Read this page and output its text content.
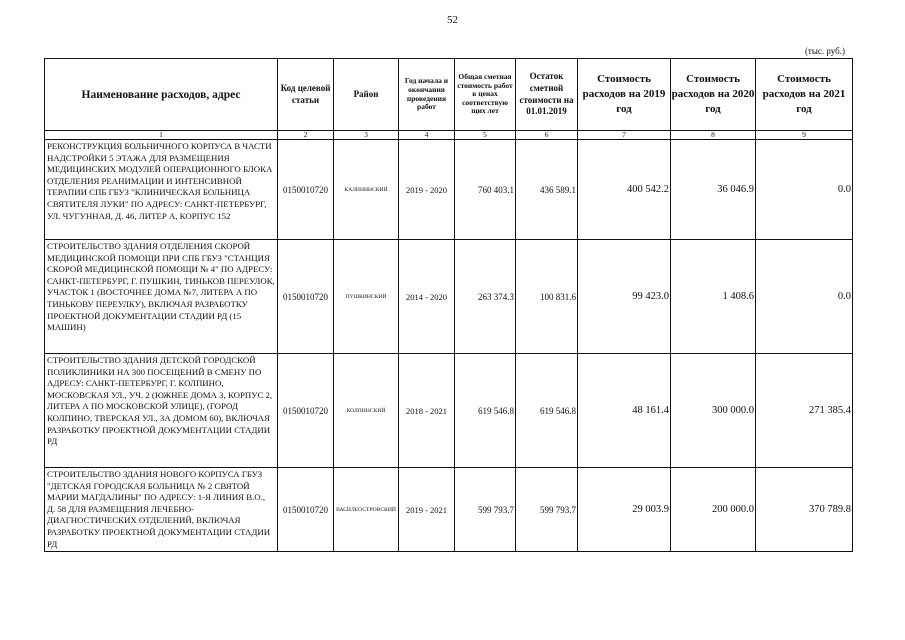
52
(тыс. руб.)
Наименование расходов, адрес	Код целевой статьи	Район	Год начала и окончания проведения работ	Общая сметная стоимость работ в ценах соответствую щих лет	Остаток сметной стоимости на 01.01.2019	Стоимость расходов на 2019 год	Стоимость расходов на 2020 год	Стоимость расходов на 2021 год
1	2	3	4	5	6	7	8	9
РЕКОНСТРУКЦИЯ БОЛЬНИЧНОГО КОРПУСА В ЧАСТИ НАДСТРОЙКИ 5 ЭТАЖА ДЛЯ РАЗМЕЩЕНИЯ МЕДИЦИНСКИХ МОДУЛЕЙ ОПЕРАЦИОННОГО БЛОКА ОТДЕЛЕНИЯ РЕАНИМАЦИИ И ИНТЕНСИВНОЙ ТЕРАПИИ СПБ ГБУЗ "КЛИНИЧЕСКАЯ БОЛЬНИЦА СВЯТИТЕЛЯ ЛУКИ" ПО АДРЕСУ: САНКТ-ПЕТЕРБУРГ, УЛ. ЧУГУННАЯ, Д. 46, ЛИТЕР А, КОРПУС 152	0150010720	КАЛИНИНСКИЙ	2019 - 2020	760 403.1	436 589.1	400 542.2	36 046.9	0.0
СТРОИТЕЛЬСТВО ЗДАНИЯ ОТДЕЛЕНИЯ СКОРОЙ МЕДИЦИНСКОЙ ПОМОЩИ ПРИ СПБ ГБУЗ "СТАНЦИЯ СКОРОЙ МЕДИЦИНСКОЙ ПОМОЩИ № 4" ПО АДРЕСУ: САНКТ-ПЕТЕРБУРГ, Г. ПУШКИН, ТИНЬКОВ ПЕРЕУЛОК, УЧАСТОК 1 (ВОСТОЧНЕЕ ДОМА №7, ЛИТЕРА А ПО ТИНЬКОВУ ПЕРЕУЛКУ), ВКЛЮЧАЯ РАЗРАБОТКУ ПРОЕКТНОЙ ДОКУМЕНТАЦИИ СТАДИИ РД (15 МАШИН)	0150010720	ПУШКИНСКИЙ	2014 - 2020	263 374.3	100 831.6	99 423.0	1 408.6	0.0
СТРОИТЕЛЬСТВО ЗДАНИЯ ДЕТСКОЙ ГОРОДСКОЙ ПОЛИКЛИНИКИ НА 300 ПОСЕЩЕНИЙ В СМЕНУ ПО АДРЕСУ: САНКТ-ПЕТЕРБУРГ, Г. КОЛПИНО, МОСКОВСКАЯ УЛ., УЧ. 2 (ЮЖНЕЕ ДОМА 3, КОРПУС 2, ЛИТЕРА А ПО МОСКОВСКОЙ УЛИЦЕ), (ГОРОД КОЛПИНО, ТВЕРСКАЯ УЛ., ЗА ДОМОМ 60), ВКЛЮЧАЯ РАЗРАБОТКУ ПРОЕКТНОЙ ДОКУМЕНТАЦИИ СТАДИИ РД	0150010720	КОЛПИНСКИЙ	2018 - 2021	619 546.8	619 546.8	48 161.4	300 000.0	271 385.4
СТРОИТЕЛЬСТВО ЗДАНИЯ НОВОГО КОРПУСА ГБУЗ "ДЕТСКАЯ ГОРОДСКАЯ БОЛЬНИЦА № 2 СВЯТОЙ МАРИИ МАГДАЛИНЫ" ПО АДРЕСУ: 1-Я ЛИНИЯ В.О., Д. 58 ДЛЯ РАЗМЕЩЕНИЯ ЛЕЧЕБНО-ДИАГНОСТИЧЕСКИХ ОТДЕЛЕНИЙ, ВКЛЮЧАЯ РАЗРАБОТКУ ПРОЕКТНОЙ ДОКУМЕНТАЦИИ СТАДИИ РД	0150010720	ВАСИЛЕОСТРОВСКИЙ	2019 - 2021	599 793.7	599 793.7	29 003.9	200 000.0	370 789.8
